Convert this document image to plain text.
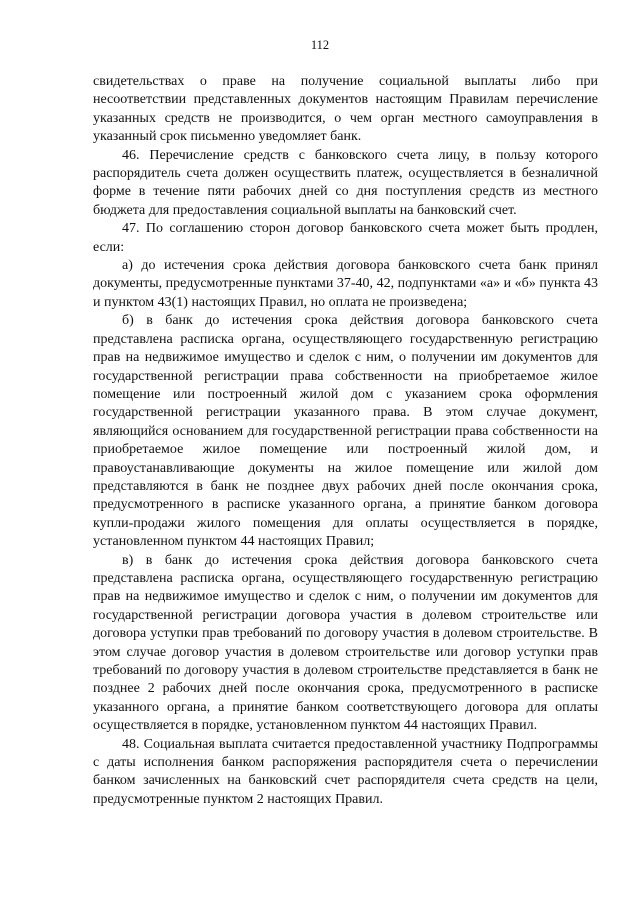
112

свидетельствах о праве на получение социальной выплаты либо при несоответствии представленных документов настоящим Правилам перечисление указанных средств не производится, о чем орган местного самоуправления в указанный срок письменно уведомляет банк.

46. Перечисление средств с банковского счета лицу, в пользу которого распорядитель счета должен осуществить платеж, осуществляется в безналичной форме в течение пяти рабочих дней со дня поступления средств из местного бюджета для предоставления социальной выплаты на банковский счет.

47. По соглашению сторон договор банковского счета может быть продлен, если:

а) до истечения срока действия договора банковского счета банк принял документы, предусмотренные пунктами 37-40, 42, подпунктами «а» и «б» пункта 43 и пунктом 43(1) настоящих Правил, но оплата не произведена;

б) в банк до истечения срока действия договора банковского счета представлена расписка органа, осуществляющего государственную регистрацию прав на недвижимое имущество и сделок с ним, о получении им документов для государственной регистрации права собственности на приобретаемое жилое помещение или построенный жилой дом с указанием срока оформления государственной регистрации указанного права. В этом случае документ, являющийся основанием для государственной регистрации права собственности на приобретаемое жилое помещение или построенный жилой дом, и правоустанавливающие документы на жилое помещение или жилой дом представляются в банк не позднее двух рабочих дней после окончания срока, предусмотренного в расписке указанного органа, а принятие банком договора купли-продажи жилого помещения для оплаты осуществляется в порядке, установленном пунктом 44 настоящих Правил;

в) в банк до истечения срока действия договора банковского счета представлена расписка органа, осуществляющего государственную регистрацию прав на недвижимое имущество и сделок с ним, о получении им документов для государственной регистрации договора участия в долевом строительстве или договора уступки прав требований по договору участия в долевом строительстве. В этом случае договор участия в долевом строительстве или договор уступки прав требований по договору участия в долевом строительстве представляется в банк не позднее 2 рабочих дней после окончания срока, предусмотренного в расписке указанного органа, а принятие банком соответствующего договора для оплаты осуществляется в порядке, установленном пунктом 44 настоящих Правил.

48. Социальная выплата считается предоставленной участнику Подпрограммы с даты исполнения банком распоряжения распорядителя счета о перечислении банком зачисленных на банковский счет распорядителя счета средств на цели, предусмотренные пунктом 2 настоящих Правил.
